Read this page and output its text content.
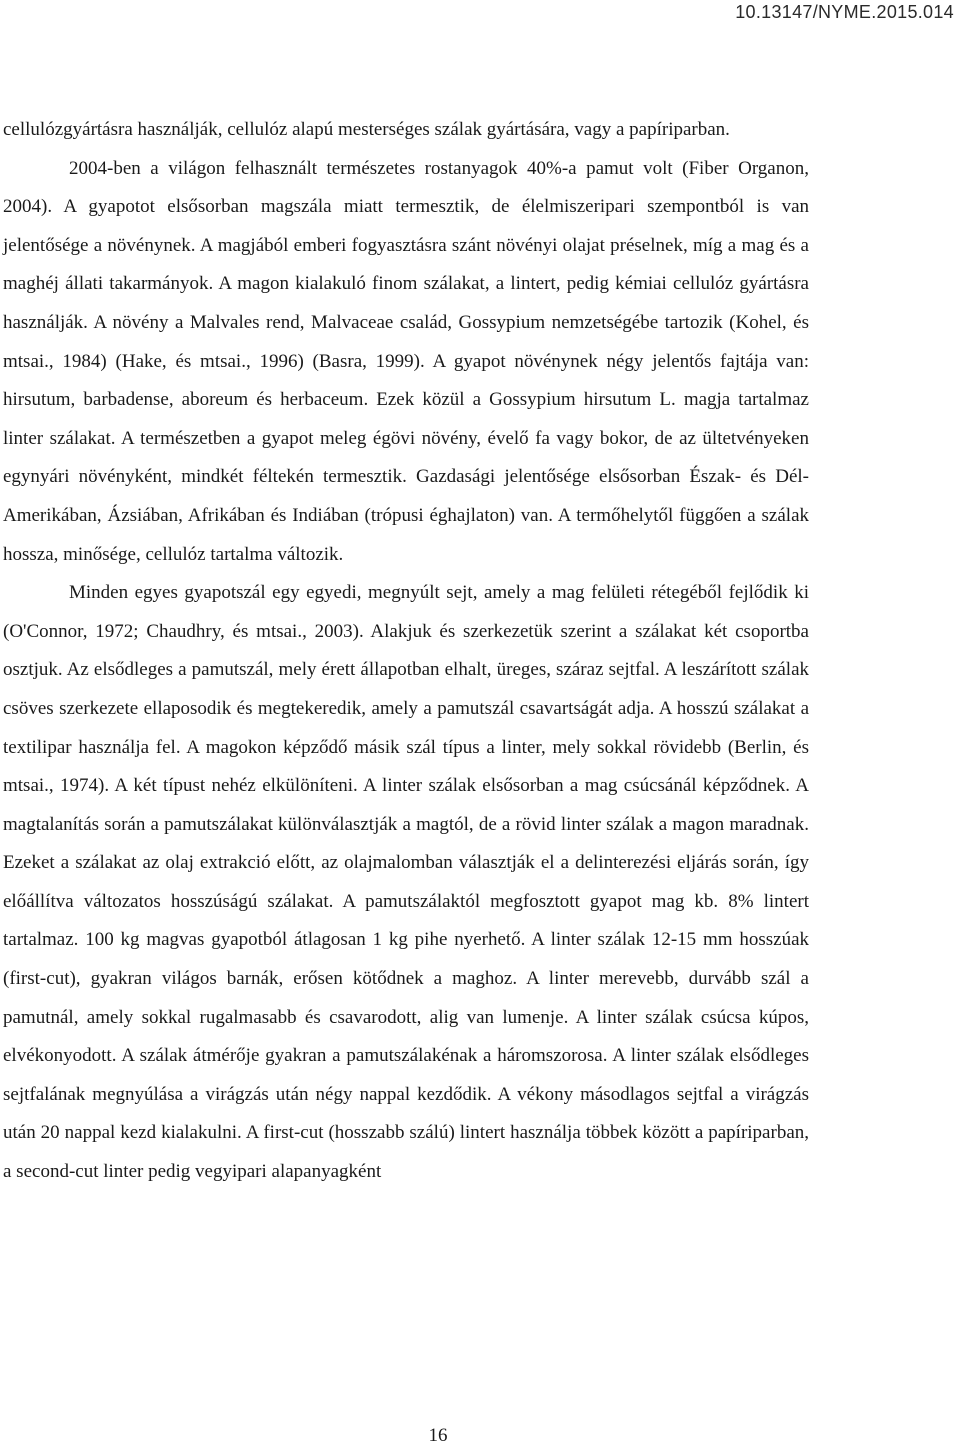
10.13147/NYME.2015.014

cellulózgyártásra használják, cellulóz alapú mesterséges szálak gyártására, vagy a papíriparban.

2004-ben a világon felhasznált természetes rostanyagok 40%-a pamut volt (Fiber Organon, 2004). A gyapotot elsősorban magszála miatt termesztik, de élelmiszeripari szempontból is van jelentősége a növénynek. A magjából emberi fogyasztásra szánt növényi olajat préselnek, míg a mag és a maghéj állati takarmányok. A magon kialakuló finom szálakat, a lintert, pedig kémiai cellulóz gyártásra használják. A növény a Malvales rend, Malvaceae család, Gossypium nemzetségébe tartozik (Kohel, és mtsai., 1984) (Hake, és mtsai., 1996) (Basra, 1999). A gyapot növénynek négy jelentős fajtája van: hirsutum, barbadense, aboreum és herbaceum. Ezek közül a Gossypium hirsutum L. magja tartalmaz linter szálakat. A természetben a gyapot meleg égövi növény, évelő fa vagy bokor, de az ültetvényeken egynyári növényként, mindkét féltekén termesztik. Gazdasági jelentősége elsősorban Észak- és Dél-Amerikában, Ázsiában, Afrikában és Indiában (trópusi éghajlaton) van. A termőhelytől függően a szálak hossza, minősége, cellulóz tartalma változik.

Minden egyes gyapotszál egy egyedi, megnyúlt sejt, amely a mag felületi rétegéből fejlődik ki (O'Connor, 1972; Chaudhry, és mtsai., 2003). Alakjuk és szerkezetük szerint a szálakat két csoportba osztjuk. Az elsődleges a pamutszál, mely érett állapotban elhalt, üreges, száraz sejtfal. A leszárított szálak csöves szerkezete ellaposodik és megtekeredik, amely a pamutszál csavartságát adja. A hosszú szálakat a textilipar használja fel. A magokon képződő másik szál típus a linter, mely sokkal rövidebb (Berlin, és mtsai., 1974). A két típust nehéz elkülöníteni. A linter szálak elsősorban a mag csúcsánál képződnek. A magtalanítás során a pamutszálakat különválasztják a magtól, de a rövid linter szálak a magon maradnak. Ezeket a szálakat az olaj extrakció előtt, az olajmalomban választják el a delinterezési eljárás során, így előállítva változatos hosszúságú szálakat. A pamutszálaktól megfosztott gyapot mag kb. 8% lintert tartalmaz. 100 kg magvas gyapotból átlagosan 1 kg pihe nyerhető. A linter szálak 12-15 mm hosszúak (first-cut), gyakran világos barnák, erősen kötődnek a maghoz. A linter merevebb, durvább szál a pamutnál, amely sokkal rugalmasabb és csavarodott, alig van lumenje. A linter szálak csúcsa kúpos, elvékonyodott. A szálak átmérője gyakran a pamutszálakénak a háromszorosa. A linter szálak elsődleges sejtfalának megnyúlása a virágzás után négy nappal kezdődik. A vékony másodlagos sejtfal a virágzás után 20 nappal kezd kialakulni. A first-cut (hosszabb szálú) lintert használja többek között a papíriparban, a second-cut linter pedig vegyipari alapanyagként

16
